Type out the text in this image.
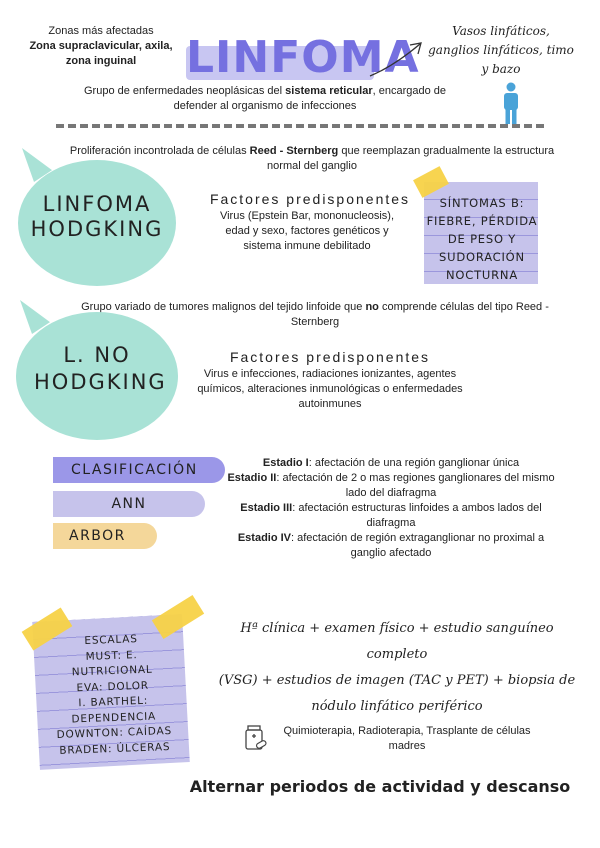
Zonas más afectadas
Zona supraclavicular, axila, zona inguinal	LINFOMA
Vasos linfáticos, ganglios linfáticos, timo y bazo
Grupo de enfermedades neoplásicas del sistema reticular, encargado de defender al organismo de infecciones
Proliferación incontrolada de células Reed - Sternberg que reemplazan gradualmente la estructura normal del ganglio
LINFOMA HODGKING
Factores predisponentes
Virus (Epstein Bar, mononucleosis), edad y sexo, factores genéticos y sistema inmune debilitado
SÍNTOMAS B: FIEBRE, PÉRDIDA DE PESO Y SUDORACIÓN NOCTURNA
Grupo variado de tumores malignos del tejido linfoide que no comprende células del tipo Reed - Sternberg
L. NO HODGKING
Factores predisponentes
Virus e infecciones, radiaciones ionizantes, agentes químicos, alteraciones inmunológicas o enfermedades autoinmunes
CLASIFICACIÓN
ANN
ARBOR
Estadio I: afectación de una región ganglionar única
Estadio II: afectación de 2 o mas regiones ganglionares del mismo lado del diafragma
Estadio III: afectación estructuras linfoides a ambos lados del diafragma
Estadio IV: afectación de región extraganglionar no proximal a ganglio afectado
ESCALAS
MUST: E.
NUTRICIONAL
EVA: DOLOR
I. BARTHEL:
DEPENDENCIA
DOWNTON: CAÍDAS
BRADEN: ÚLCERAS
Hª clínica + examen físico + estudio sanguíneo completo
(VSG) + estudios de imagen (TAC y PET) + biopsia de
nódulo linfático periférico
Quimioterapia, Radioterapia, Trasplante de células madres
Alternar periodos de actividad y descanso
